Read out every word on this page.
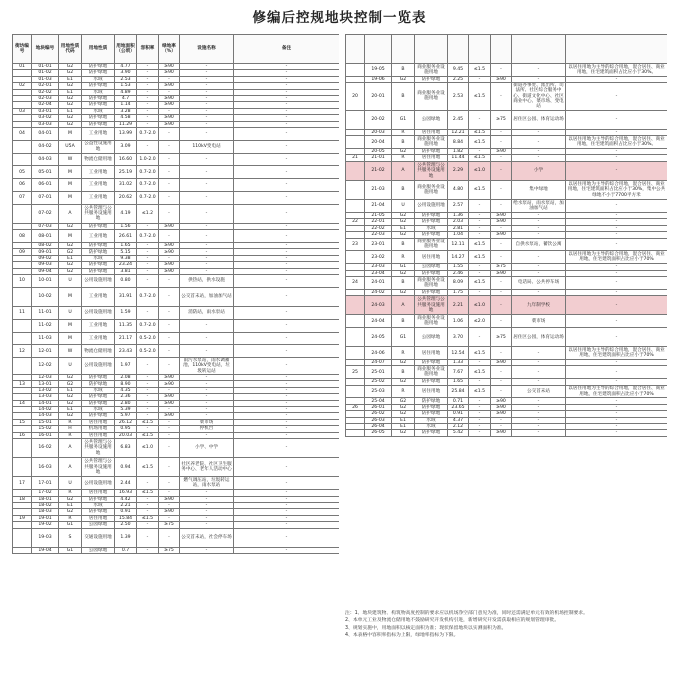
修编后控规地块控制一览表
街坊编号	地块编号	用地性质代码	用地性质	用地面积（公顷）	容积率	绿地率（%）	设施名称	备注
01	01-01	G2	防护绿地	4.77	-	≥90	-	-
	01-02	G2	防护绿地	3.90	-	≥90	-	-
	01-03	E1	水域	2.53	-	-	-	-
02	02-01	G2	防护绿地	1.53	-	≥90	-	-
	02-02	E1	水域	4.89	-	-	-	-
	02-03	G2	防护绿地	4.7	-	≥90	-	-
	02-04	G2	防护绿地	1.14	-	≥90	-	-
03	03-01	E1	水域	3.28	-	-	-	-
	03-02	G2	防护绿地	4.58	-	≥90	-	-
	03-03	G2	防护绿地	11.29	-	≥90	-	-
04	04-01	M	工业用地	13.99	0.7-2.0	-	-	-
	04-02	U5A	公益性设施用地	3.09	-	-	110kV变电站	-
	04-03	W	物流仓储用地	16.60	1.0-2.0	-	-	-
05	05-01	M	工业用地	25.19	0.7-2.0	-	-	-
06	06-01	M	工业用地	31.02	0.7-2.0	-	-	-
07	07-01	M	工业用地	20.62	0.7-2.0	-	-	-
	07-02	A	公共管理与公共服务设施用地	4.19	≤1.2	-	-	-
	07-03	G2	防护绿地	1.56	-	≥90	-	-
08	08-01	M	工业用地	26.61	0.7-2.0	-	-	-
	08-02	G2	防护绿地	1.65	-	≥90	-	-
09	09-01	G2	防护绿地	5.15	-	≥90	-	-
	09-02	E1	水域	9.38	-	-	-	-
	09-03	G2	防护绿地	23.24	-	≥90	-	-
	09-04	G2	防护绿地	3.81	-	≥90	-	-
10	10-01	U	公用设施用地	0.80	-	-	供热站，供水设施	-
	10-02	M	工业用地	31.91	0.7-2.0	-	公交首末站，加油加气站	-
11	11-01	U	公用设施用地	1.59	-	-	消防站，雨水泵站	-
	11-02	M	工业用地	11.35	0.7-2.0	-	-	-
	11-03	M	工业用地	21.17	0.5-2.0	-	-	-
12	12-01	W	物流仓储用地	23.43	0.5-2.0	-	-	-
	12-02	U	公用设施用地	1.97	-	-	雨污水泵站，雨水调蓄池，110kV变电站，垃圾转运站	-
	12-03	G2	防护绿地	2.08	-	≥90	-	-
13	13-01	G2	防护绿地	8.90	-	≥90	-	-
	13-02	E1	水域	4.35	-	-	-	-
	13-03	G2	防护绿地	2.36	-	≥90	-	-
14	14-01	G2	防护绿地	2.80	-	≥90	-	-
	14-02	E1	水域	5.39	-	-	-	-
	14-03	G2	防护绿地	5.97	-	≥90	-	-
15	15-01	R	居住用地	26.12	≤1.5	-	菜市场	-
	15-02	H	机场用地	0.95	-	-	停机台	-
16	16-01	R	居住用地	20.03	≤1.5	-	-	-
	16-02	A	公共管理与公共服务设施用地	6.83	≤1.0	-	小学、中学	-
	16-03	A	公共管理与公共服务设施用地	0.94	≤1.5	-	社区养老院、社区卫生服务中心、老年人活动中心	-
17	17-01	U	公用设施用地	2.44	-	-	燃气调压站，垃圾转运站，雨水泵站	-
	17-02	R	居住用地	16.93	≤1.5	-	-	-
18	18-01	G2	防护绿地	4.42	-	≥90	-	-
	18-02	E1	水域	2.21	-	-	-	-
	18-03	G2	防护绿地	0.91	-	≥90	-	-
19	19-01	R	居住用地	15.84	≤1.5	-	-	-
	19-02	G1	公园绿地	2.50	-	≥75	-	-
	19-03	S	交通设施用地	1.39	-	-	公交首末站，社会停车场	-
	19-04	G1	公园绿地	0.7	-	≥75	-	-

	19-05	B	商业服务业设施用地	9.45	≤1.5	-	-	以居住用地为主导的综合用地，混合居住、商业用地，住宅建筑面积占比应小于30%。
	19-06	G2	防护绿地	2.25	-	≥90	-	-
20	20-01	B	商业服务业设施用地	2.53	≤1.5	-	街道办事处、派出所、司法所、社区综合服务中心、街道文化中心、社区商业中心、菜市场、变电站	-
	20-02	G1	公园绿地	2.45	-	≥75	居住区公园、体育运动场	-
	20-03	R	居住用地	12.21	≤1.5	-	-	-
	20-04	B	商业服务业设施用地	8.84	≤1.5	-	-	以居住用地为主导的综合用地，混合居住、商业用地，住宅建筑面积占比应小于30%。
	20-05	G2	防护绿地	1.82	-	≥90	-	-
21	21-01	R	居住用地	11.44	≤1.5	-	-	-
	21-02	A	公共管理与公共服务设施用地	2.29	≤1.0	-	小学	-
	21-03	B	商业服务业设施用地	4.80	≤1.5	-	集中绿地	以居住用地为主导的综合用地，混合居住、商业用地，住宅建筑面积占比应小于30%，集中公共绿地不小于7700平方米
	21-04	U	公用设施用地	2.57	-	-	给水泵站，雨水泵站，加油加气站	-
	21-05	G2	防护绿地	1.36	-	≥90	-	-
22	22-01	G2	防护绿地	2.03	-	≥90	-	-
	22-02	E1	水域	2.81	-	-	-	-
	22-03	G2	防护绿地	1.04	-	≥90	-	-
23	23-01	B	商业服务业设施用地	12.11	≤1.5	-	自供水泵站，蓄饮公寓	-
	23-02	R	居住用地	14.27	≤1.5	-	-	以居住用地为主导的综合用地，混合居住、商业用地，住宅建筑面积占比应小于70%
	23-03	G1	公园绿地	1.55	-	≥75	-	-
	23-04	G2	防护绿地	2.46	-	≥90	-	-
24	24-01	B	商业服务业设施用地	8.09	≤1.5	-	电话局、公共停车场	-
	24-02	G2	防护绿地	1.75	-	-	-	-
	24-03	A	公共管理与公共服务设施用地	2.21	≤1.0	-	九年制学校	-
	24-04	B	商业服务业设施用地	1.06	≤2.0	-	菜市场	-
	24-05	G1	公园绿地	3.70	-	≥75	居住区公园，体育运动场	-
	24-06	R	居住用地	12.54	≤1.5	-	-	以居住用地为主导的综合用地，混合居住、商业用地，住宅建筑面积占比应小于70%
	24-07	G2	防护绿地	1.33	-	≥90	-	-
25	25-01	B	商业服务业设施用地	7.67	≤1.5	-	-	-
	25-02	G2	防护绿地	1.65	-	-	-	-
	25-03	R	居住用地	25.84	≤1.5	-	公交首末站	以居住用地为主导的综合用地，混合居住、商业用地，住宅建筑面积占比应小于70%
	25-04	G2	防护绿地	0.71	-	≥90	-	-
26	26-01	G2	防护绿地	23.65	-	≥90	-	-
	26-02	G2	防护绿地	0.91	-	≥90	-	-
	26-03	E1	水域	4.37	-	-	-	-
	26-04	E1	水域	2.12	-	-	-	-
	26-05	G2	防护绿地	5.42	-	≥90	-	-
注：1、地块建筑物、构筑物高度控制的要求应以机场净空部门意见为准，同时还需满足单元有效的机场控制要求。
2、本单元工业及物流仓储用地不鼓励研究开发机构引进，新增研究开发需获取相应的规划管理审批。
3、规划实施中，用地面积以核定面积为准；现状保留地块以实测面积为准。
4、本表格中容积率指标为上限，绿地率指标为下限。
